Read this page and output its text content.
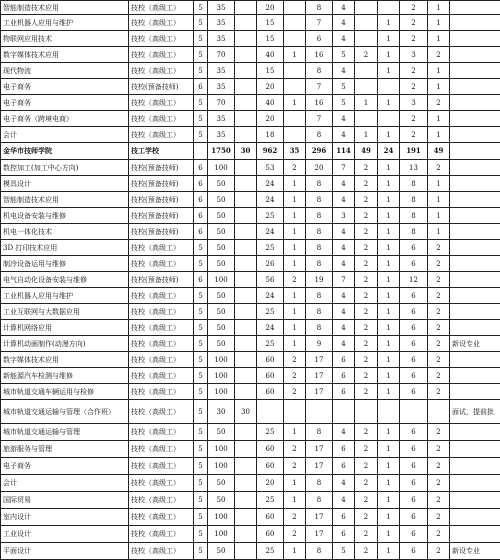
智能制造技术应用	技校（高级工）	5	35		20		8	4			2	1	
工业机器人应用与维护	技校（高级工）	5	35		15		7	4		1	2	1	
物联网应用技术	技校（高级工）	5	35		15		6	4		1	2	1	
数字媒体技术应用	技校（高级工）	5	70		40	1	16	5	2	1	3	2	
现代物流	技校（高级工）	5	35		15		8	4		1	2	1	
电子商务	技校(预备技师)	6	35		20		7	5			2	1	
电子商务	技校（高级工）	5	70		40	1	16	5	1	1	3	2	
电子商务（跨境电商）	技校（高级工）	5	35		20		7	4			2	1	
会计	技校（高级工）	5	35		18		8	4	1	1	2	1	
金华市技师学院	技工学校		1750	30	962	35	296	114	49	24	191	49	
数控加工(加工中心方向)	技校(预备技师)	6	100		53	2	20	7	2	1	13	2	
模具设计	技校(预备技师)	6	50		24	1	8	4	2	1	8	1	
智能制造技术应用	技校(预备技师)	6	50		24	1	8	4	2	1	8	1	
机电设备安装与维修	技校(预备技师)	6	50		25	1	8	3	2	1	8	1	
机电一体化技术	技校(预备技师)	6	50		24	1	8	4	2	1	8	1	
3D 打印技术应用	技校（高级工）	5	50		25	1	8	4	2	1	6	2	
制冷设备运用与维修	技校（高级工）	5	50		26	1	8	4	2	1	6	2	
电气自动化设备安装与维修	技校(预备技师)	6	100		56	2	19	7	2	1	12	2	
工业机器人应用与维护	技校（高级工）	5	50		24	1	8	4	2	1	6	2	
工业互联网与大数据应用	技校（高级工）	5	50		25	1	8	4	2	1	6	2	
计算机网络应用	技校（高级工）	5	50		24	1	8	4	2	1	6	2	
计算机动画制作(动漫方向)	技校（高级工）	5	50		25	1	9	4	2	1	6	2	新设专业
数字媒体技术应用	技校（高级工）	5	100		60	2	17	6	2	1	6	2	
新能源汽车检测与维修	技校（高级工）	5	100		60	2	17	6	2	1	6	2	
城市轨道交通车辆运用与检修	技校（高级工）	5	100		60	2	17	6	2	1	6	2	
城市轨道交通运输与管理（合作班）	技校（高级工）	5	30	30									面试，提前批
城市轨道交通运输与管理	技校（高级工）	5	50		25	1	8	4	2	1	6	2	
旅游服务与管理	技校（高级工）	5	100		60	2	17	6	2	1	6	2	
电子商务	技校（高级工）	5	100		60	2	17	6	2	1	6	2	
会计	技校（高级工）	5	50		20	1	8	4	2	1	6	2	
国际贸易	技校（高级工）	5	50		25	1	8	4	2	1	6	2	
室内设计	技校（高级工）	5	100		60	2	17	6	2	1	6	2	
工业设计	技校（高级工）	5	100		60	2	17	6	2	1	6	2	
平面设计	技校（高级工）	5	50		25	1	8	5	2	1	6	2	新设专业
